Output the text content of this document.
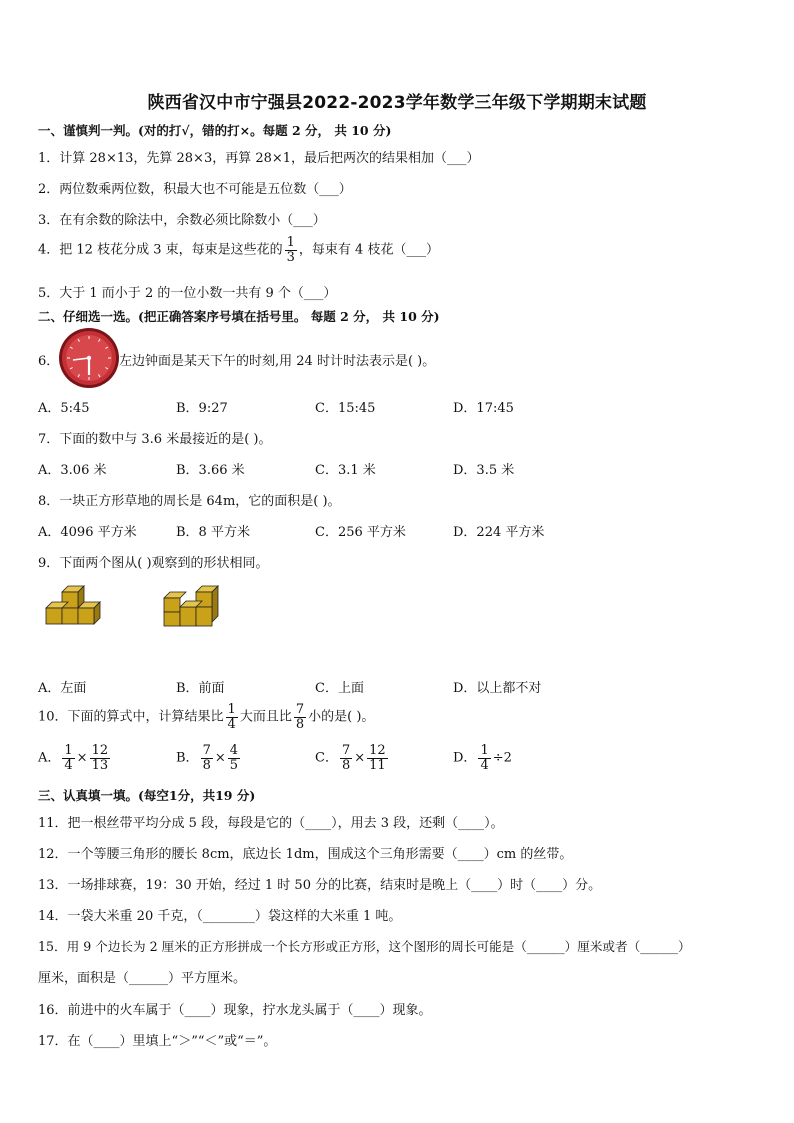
陕西省汉中市宁强县2022-2023学年数学三年级下学期期末试题
一、谨慎判一判。(对的打√，错的打×。每题 2 分， 共 10 分)
1．计算 28×13，先算 28×3，再算 28×1，最后把两次的结果相加（___）
2．两位数乘两位数，积最大也不可能是五位数（___）
3．在有余数的除法中，余数必须比除数小（___）
4．把 12 枝花分成 3 束，每束是这些花的 $\frac{1}{3}$ ，每束有 4 枝花（___）
5．大于 1 而小于 2 的一位小数一共有 9 个（___）
二、仔细选一选。(把正确答案序号填在括号里。 每题 2 分， 共 10 分)
6．	左边钟面是某天下午的时刻,用 24 时计时法表示是( )。
A．5:45	B．9:27	C．15:45	D．17:45
7．下面的数中与 3.6 米最接近的是( )。
A．3.06 米	B．3.66 米	C．3.1 米	D．3.5 米
8．一块正方形草地的周长是 64m，它的面积是( )。
A．4096 平方米	B．8 平方米	C．256 平方米	D．224 平方米
9．下面两个图从( )观察到的形状相同。
A．左面	B．前面	C．上面	D．以上都不对
10．下面的算式中，计算结果比 $\frac{1}{4}$ 大而且比 $\frac{7}{8}$ 小的是( )。
A． $\frac{1}{4} \times \frac{12}{13}$	B． $\frac{7}{8} \times \frac{4}{5}$	C． $\frac{7}{8} \times \frac{12}{11}$	D． $\frac{1}{4} \div 2$
三、认真填一填。(每空1分，共19 分)
11．把一根丝带平均分成 5 段，每段是它的（____），用去 3 段，还剩（____）。
12．一个等腰三角形的腰长 8cm，底边长 1dm，围成这个三角形需要（____）cm 的丝带。
13．一场排球赛，19：30 开始，经过 1 时 50 分的比赛，结束时是晚上（____）时（____）分。
14．一袋大米重 20 千克，（________）袋这样的大米重 1 吨。
15．用 9 个边长为 2 厘米的正方形拼成一个长方形或正方形，这个图形的周长可能是（______）厘米或者（______）
厘米，面积是（______）平方厘米。
16．前进中的火车属于（____）现象，拧水龙头属于（____）现象。
17．在（____）里填上“＞”“＜”或“＝”。
